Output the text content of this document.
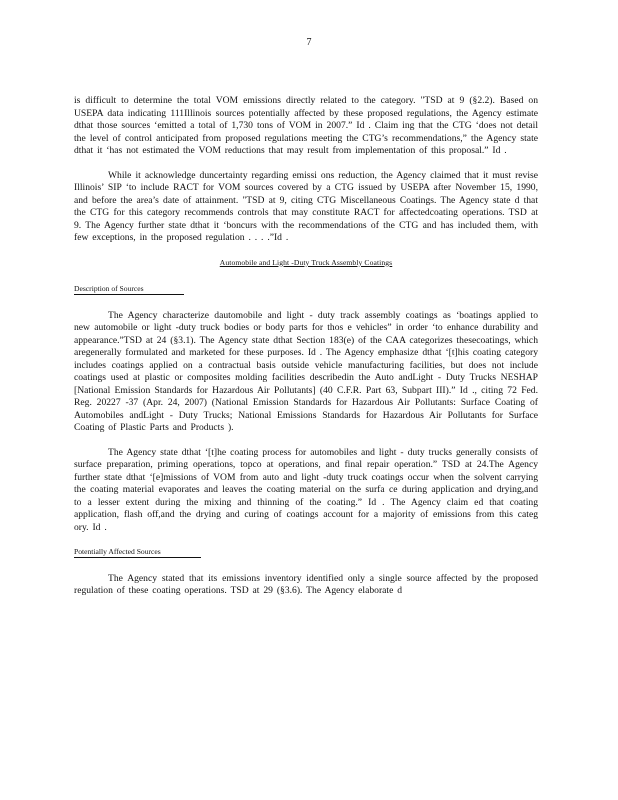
7

is difficult to determine the total VOM emissions directly related to the category. "TSD at 9 (§2.2). Based on USEPA data indicating 111Illinois sources potentially affected by these proposed regulations, the Agency estimate dthat those sources ‘emitted a total of 1,730 tons of VOM in 2007.” Id . Claim ing that the CTG ‘does not detail the level of control anticipated from proposed regulations meeting the CTG’s recommendations,” the Agency state dthat it ‘has not estimated the VOM reductions that may result from implementation of this proposal.” Id .

While it acknowledge duncertainty regarding emissi ons reduction, the Agency claimed that it must revise Illinois’ SIP ‘to include RACT for VOM sources covered by a CTG issued by USEPA after November 15, 1990, and before the area’s date of attainment. "TSD at 9, citing CTG Miscellaneous Coatings. The Agency state d that the CTG for this category recommends controls that may constitute RACT for affectedcoating operations. TSD at 9. The Agency further state dthat it ‘boncurs with the recommendations of the CTG and has included them, with few exceptions, in the proposed regulation . . . .”Id .

Automobile and Light -Duty Truck Assembly Coatings
Description of Sources

The Agency characterize dautomobile and light - duty track assembly coatings as ‘boatings applied to new automobile or light -duty truck bodies or body parts for thos e vehicles” in order ‘to enhance durability and appearance.”TSD at 24 (§3.1). The Agency state dthat Section 183(e) of the CAA categorizes thesecoatings, which aregenerally formulated and marketed for these purposes. Id . The Agency emphasize dthat ‘[t]his coating category includes coatings applied on a contractual basis outside vehicle manufacturing facilities, but does not include coatings used at plastic or composites molding facilities describedin the Auto andLight - Duty Trucks NESHAP [National Emission Standards for Hazardous Air Pollutants] (40 C.F.R. Part 63, Subpart III).” Id ., citing 72 Fed. Reg. 20227 -37 (Apr. 24, 2007) (National Emission Standards for Hazardous Air Pollutants: Surface Coating of Automobiles andLight - Duty Trucks; National Emissions Standards for Hazardous Air Pollutants for Surface Coating of Plastic Parts and Products ).

The Agency state dthat ‘[t]he coating process for automobiles and light - duty trucks generally consists of surface preparation, priming operations, topco at operations, and final repair operation.” TSD at 24.The Agency further state dthat ‘[e]missions of VOM from auto and light -duty truck coatings occur when the solvent carrying the coating material evaporates and leaves the coating material on the surfa ce during application and drying,and to a lesser extent during the mixing and thinning of the coating.” Id . The Agency claim ed that coating application, flash off,and the drying and curing of coatings account for a majority of emissions from this categ ory. Id .

Potentially Affected Sources

The Agency stated that its emissions inventory identified only a single source affected by the proposed regulation of these coating operations. TSD at 29 (§3.6). The Agency elaborate d
